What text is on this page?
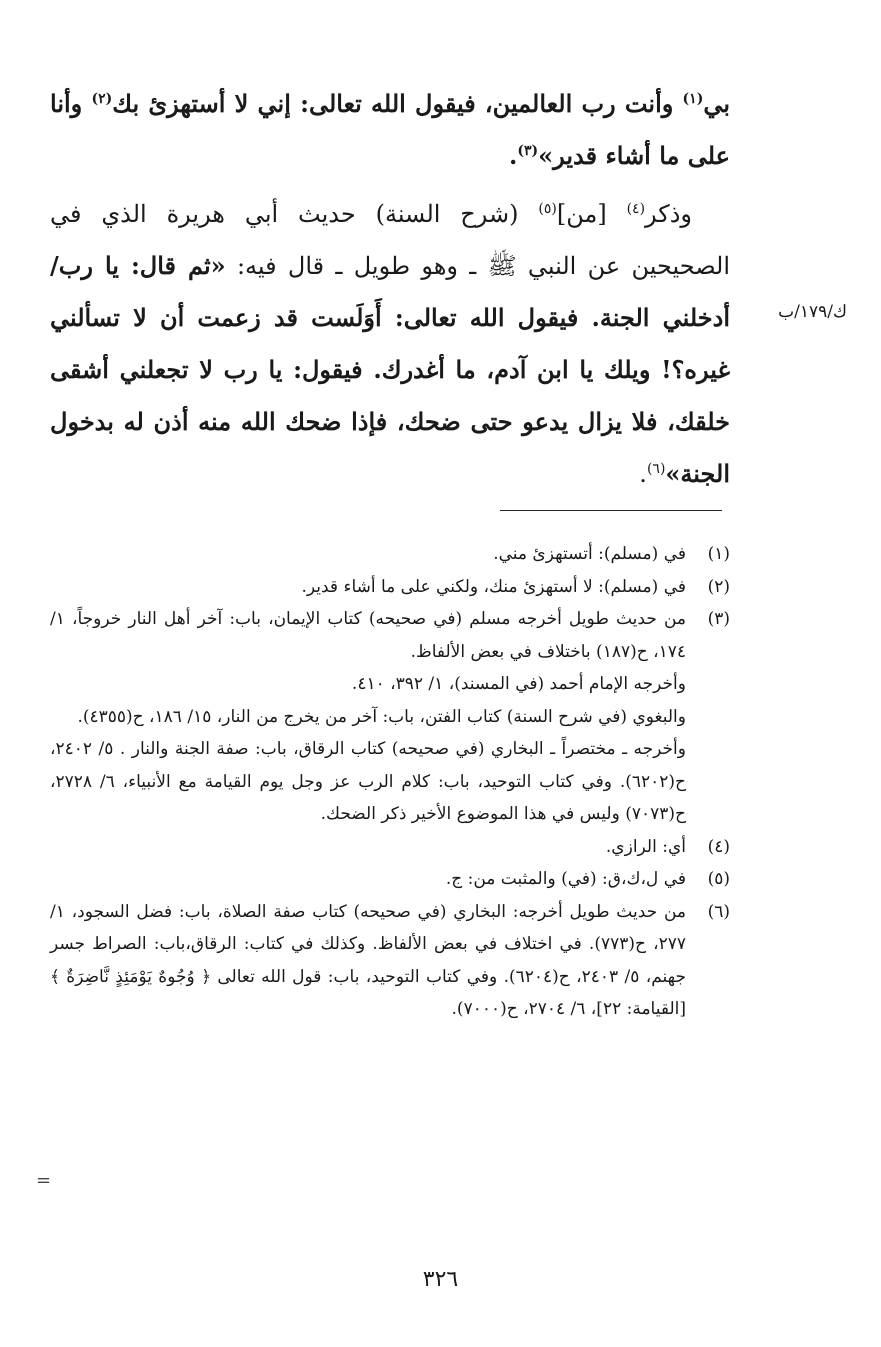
بي$^{(١)}$ وأنت رب العالمين، فيقول الله تعالى: إني لا أستهزئ بك$^{(٢)}$ وأنا على ما أشاء قدير»$^{(٣)}$.

وذكر$^{(٤)}$ [من]$^{(٥)}$ (شرح السنة) حديث أبي هريرة الذي في الصحيحين عن النبي ﷺ ـ وهو طويل ـ قال فيه: «ثم قال: يا رب/ أدخلني الجنة. فيقول الله تعالى: أَوَلَست قد زعمت أن لا تسألني غيره؟! ويلك يا ابن آدم، ما أغدرك. فيقول: يا رب لا تجعلني أشقى خلقك، فلا يزال يدعو حتى ضحك، فإذا ضحك الله منه أذن له بدخول الجنة»$^{(٦)}$.

ك/١٧٩/ب
(١)

في (مسلم): أتستهزئ مني.

(٢)

في (مسلم): لا أستهزئ منك، ولكني على ما أشاء قدير.

(٣)

من حديث طويل أخرجه مسلم (في صحيحه) كتاب الإيمان، باب: آخر أهل النار خروجاً، ١/ ١٧٤، ح(١٨٧) باختلاف في بعض الألفاظ.

وأخرجه الإمام أحمد (في المسند)، ١/ ٣٩٢، ٤١٠.

والبغوي (في شرح السنة) كتاب الفتن، باب: آخر من يخرج من النار، ١٥/ ١٨٦، ح(٤٣٥٥).

وأخرجه ـ مختصراً ـ البخاري (في صحيحه) كتاب الرقاق، باب: صفة الجنة والنار . ٥/ ٢٤٠٢، ح(٦٢٠٢). وفي كتاب التوحيد، باب: كلام الرب عز وجل يوم القيامة مع الأنبياء، ٦/ ٢٧٢٨، ح(٧٠٧٣) وليس في هذا الموضوع الأخير ذكر الضحك.

(٤)

أي: الرازي.

(٥)

في ل،ك،ق: (في) والمثبت من: ج.

(٦)

من حديث طويل أخرجه: البخاري (في صحيحه) كتاب صفة الصلاة، باب: فضل السجود، ١/ ٢٧٧، ح(٧٧٣). في اختلاف في بعض الألفاظ. وكذلك في كتاب: الرقاق،باب: الصراط جسر جهنم، ٥/ ٢٤٠٣، ح(٦٢٠٤). وفي كتاب التوحيد، باب: قول الله تعالى ﴿ وُجُوهٌ يَوْمَئِذٍ نَّاضِرَةٌ ﴾ [القيامة: ٢٢]، ٦/ ٢٧٠٤، ح(٧٠٠٠).

٣٢٦
=
